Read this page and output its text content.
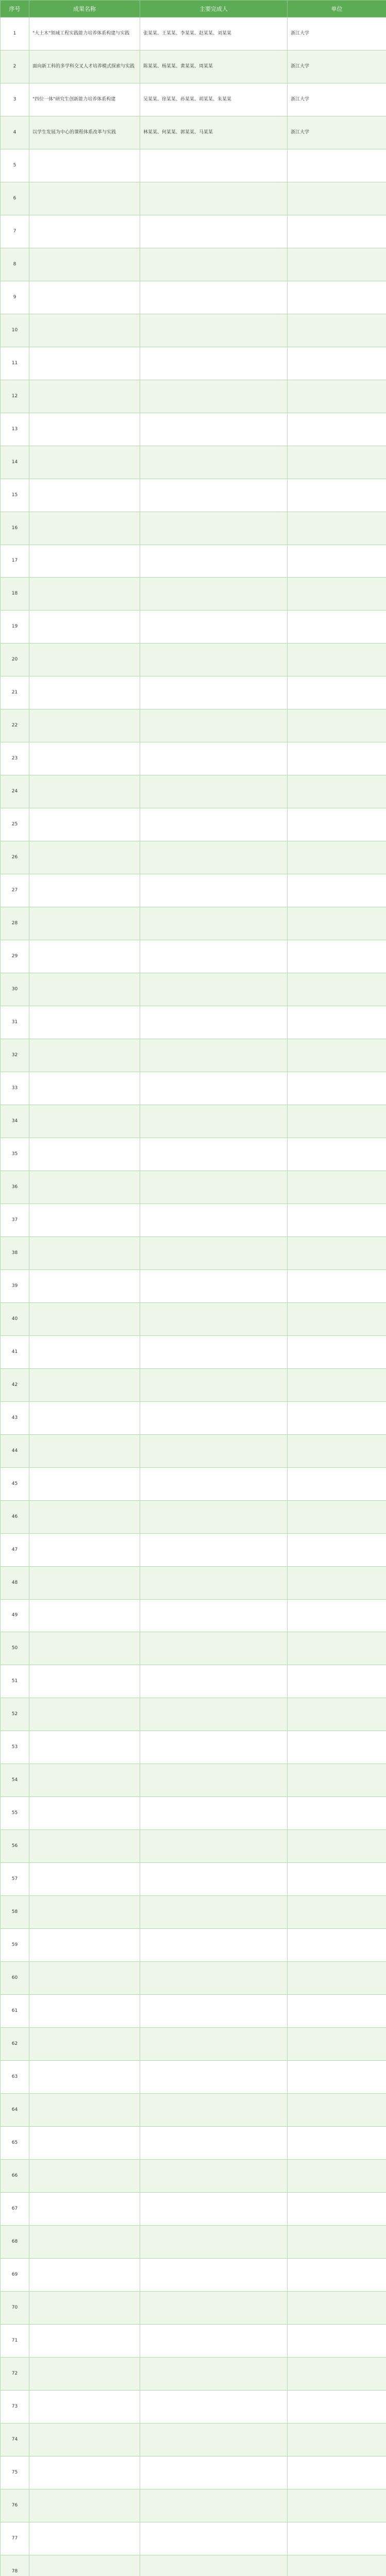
序号	成果名称	主要完成人	单位
1	"大土木"领域工程实践能力培养体系构建与实践	张某某、王某某、李某某、赵某某、刘某某	浙江大学
2	面向新工科的多学科交叉人才培养模式探索与实践	陈某某、杨某某、黄某某、周某某	浙江大学
3	"四位一体"研究生创新能力培养体系构建	吴某某、徐某某、孙某某、胡某某、朱某某	浙江大学
4	以学生发展为中心的课程体系改革与实践	林某某、何某某、郭某某、马某某	浙江大学
5			
6			
7			
8			
9			
10			
11			
12			
13			
14			
15			
16			
17			
18			
19			
20			
21			
22			
23			
24			
25			
26			
27			
28			
29			
30			
31			
32			
33			
34			
35			
36			
37			
38			
39			
40			
41			
42			
43			
44			
45			
46			
47			
48			
49			
50			
51			
52			
53			
54			
55			
56			
57			
58			
59			
60			
61			
62			
63			
64			
65			
66			
67			
68			
69			
70			
71			
72			
73			
74			
75			
76			
77			
78			
